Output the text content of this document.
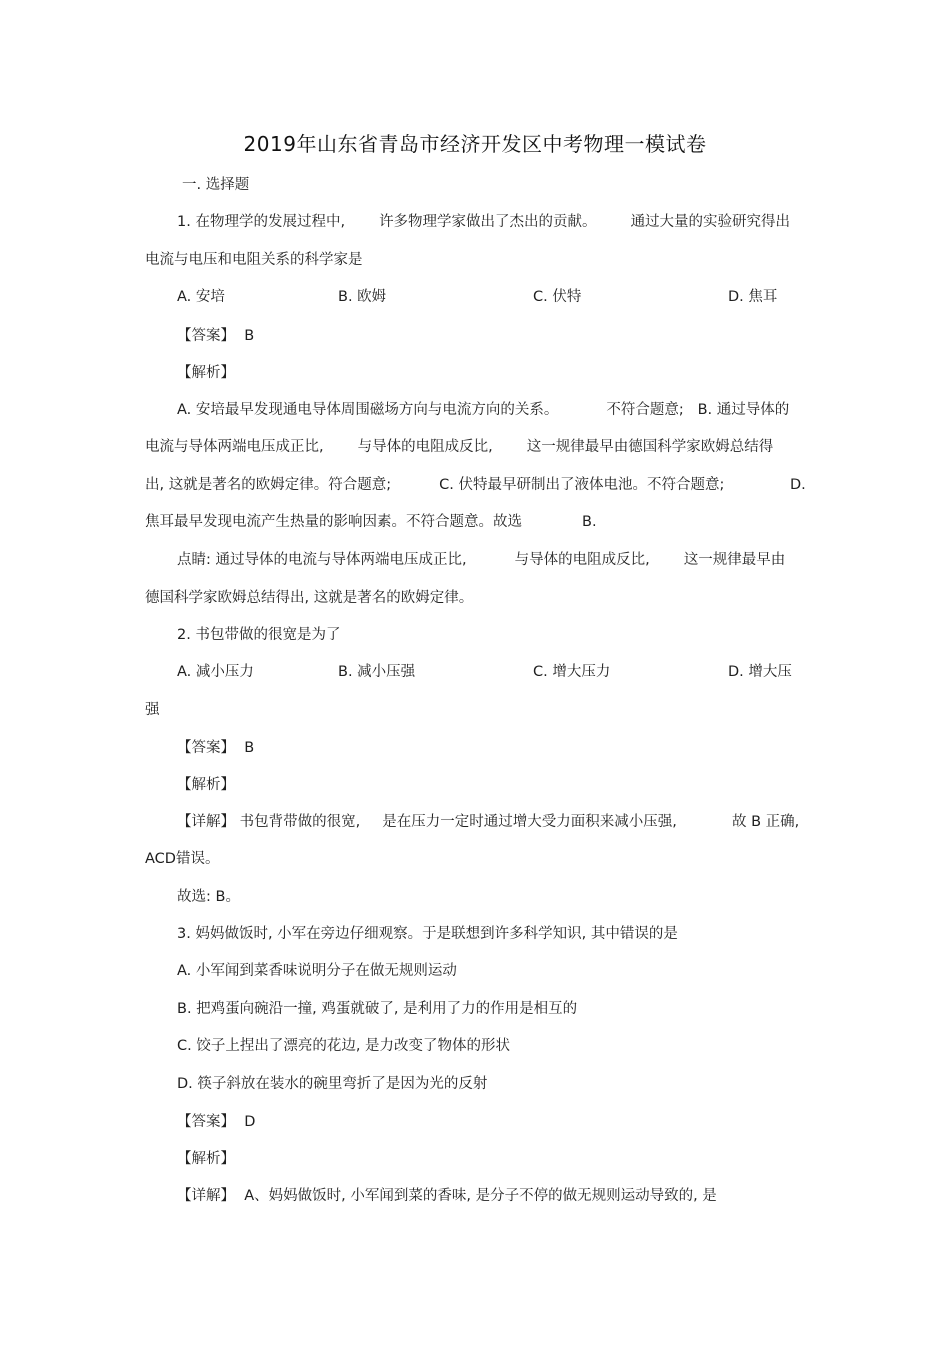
2019年山东省青岛市经济开发区中考物理一模试卷
一. 选择题
1. 在物理学的发展过程中, 许多物理学家做出了杰出的贡献。 通过大量的实验研究得出
电流与电压和电阻关系的科学家是
A. 安培	B. 欧姆	C. 伏特	D. 焦耳
【答案】 B
【解析】
A. 安培最早发现通电导体周围磁场方向与电流方向的关系。	不符合题意; B. 通过导体的
电流与导体两端电压成正比, 与导体的电阻成反比, 这一规律最早由德国科学家欧姆总结得
出, 这就是著名的欧姆定律。符合题意;	C. 伏特最早研制出了液体电池。不符合题意;	D.
焦耳最早发现电流产生热量的影响因素。不符合题意。故选	B.
点睛: 通过导体的电流与导体两端电压成正比,	与导体的电阻成反比, 这一规律最早由
德国科学家欧姆总结得出, 这就是著名的欧姆定律。
2. 书包带做的很宽是为了
A. 减小压力	B. 减小压强	C. 增大压力	D. 增大压
强
【答案】 B
【解析】
【详解】 书包背带做的很宽, 是在压力一定时通过增大受力面积来减小压强,	故 B 正确,
ACD错误。
故选: B。
3. 妈妈做饭时, 小军在旁边仔细观察。于是联想到许多科学知识, 其中错误的是
A. 小军闻到菜香味说明分子在做无规则运动
B. 把鸡蛋向碗沿一撞, 鸡蛋就破了, 是利用了力的作用是相互的
C. 饺子上捏出了漂亮的花边, 是力改变了物体的形状
D. 筷子斜放在装水的碗里弯折了是因为光的反射
【答案】 D
【解析】
【详解】 A、妈妈做饭时, 小军闻到菜的香味, 是分子不停的做无规则运动导致的, 是
